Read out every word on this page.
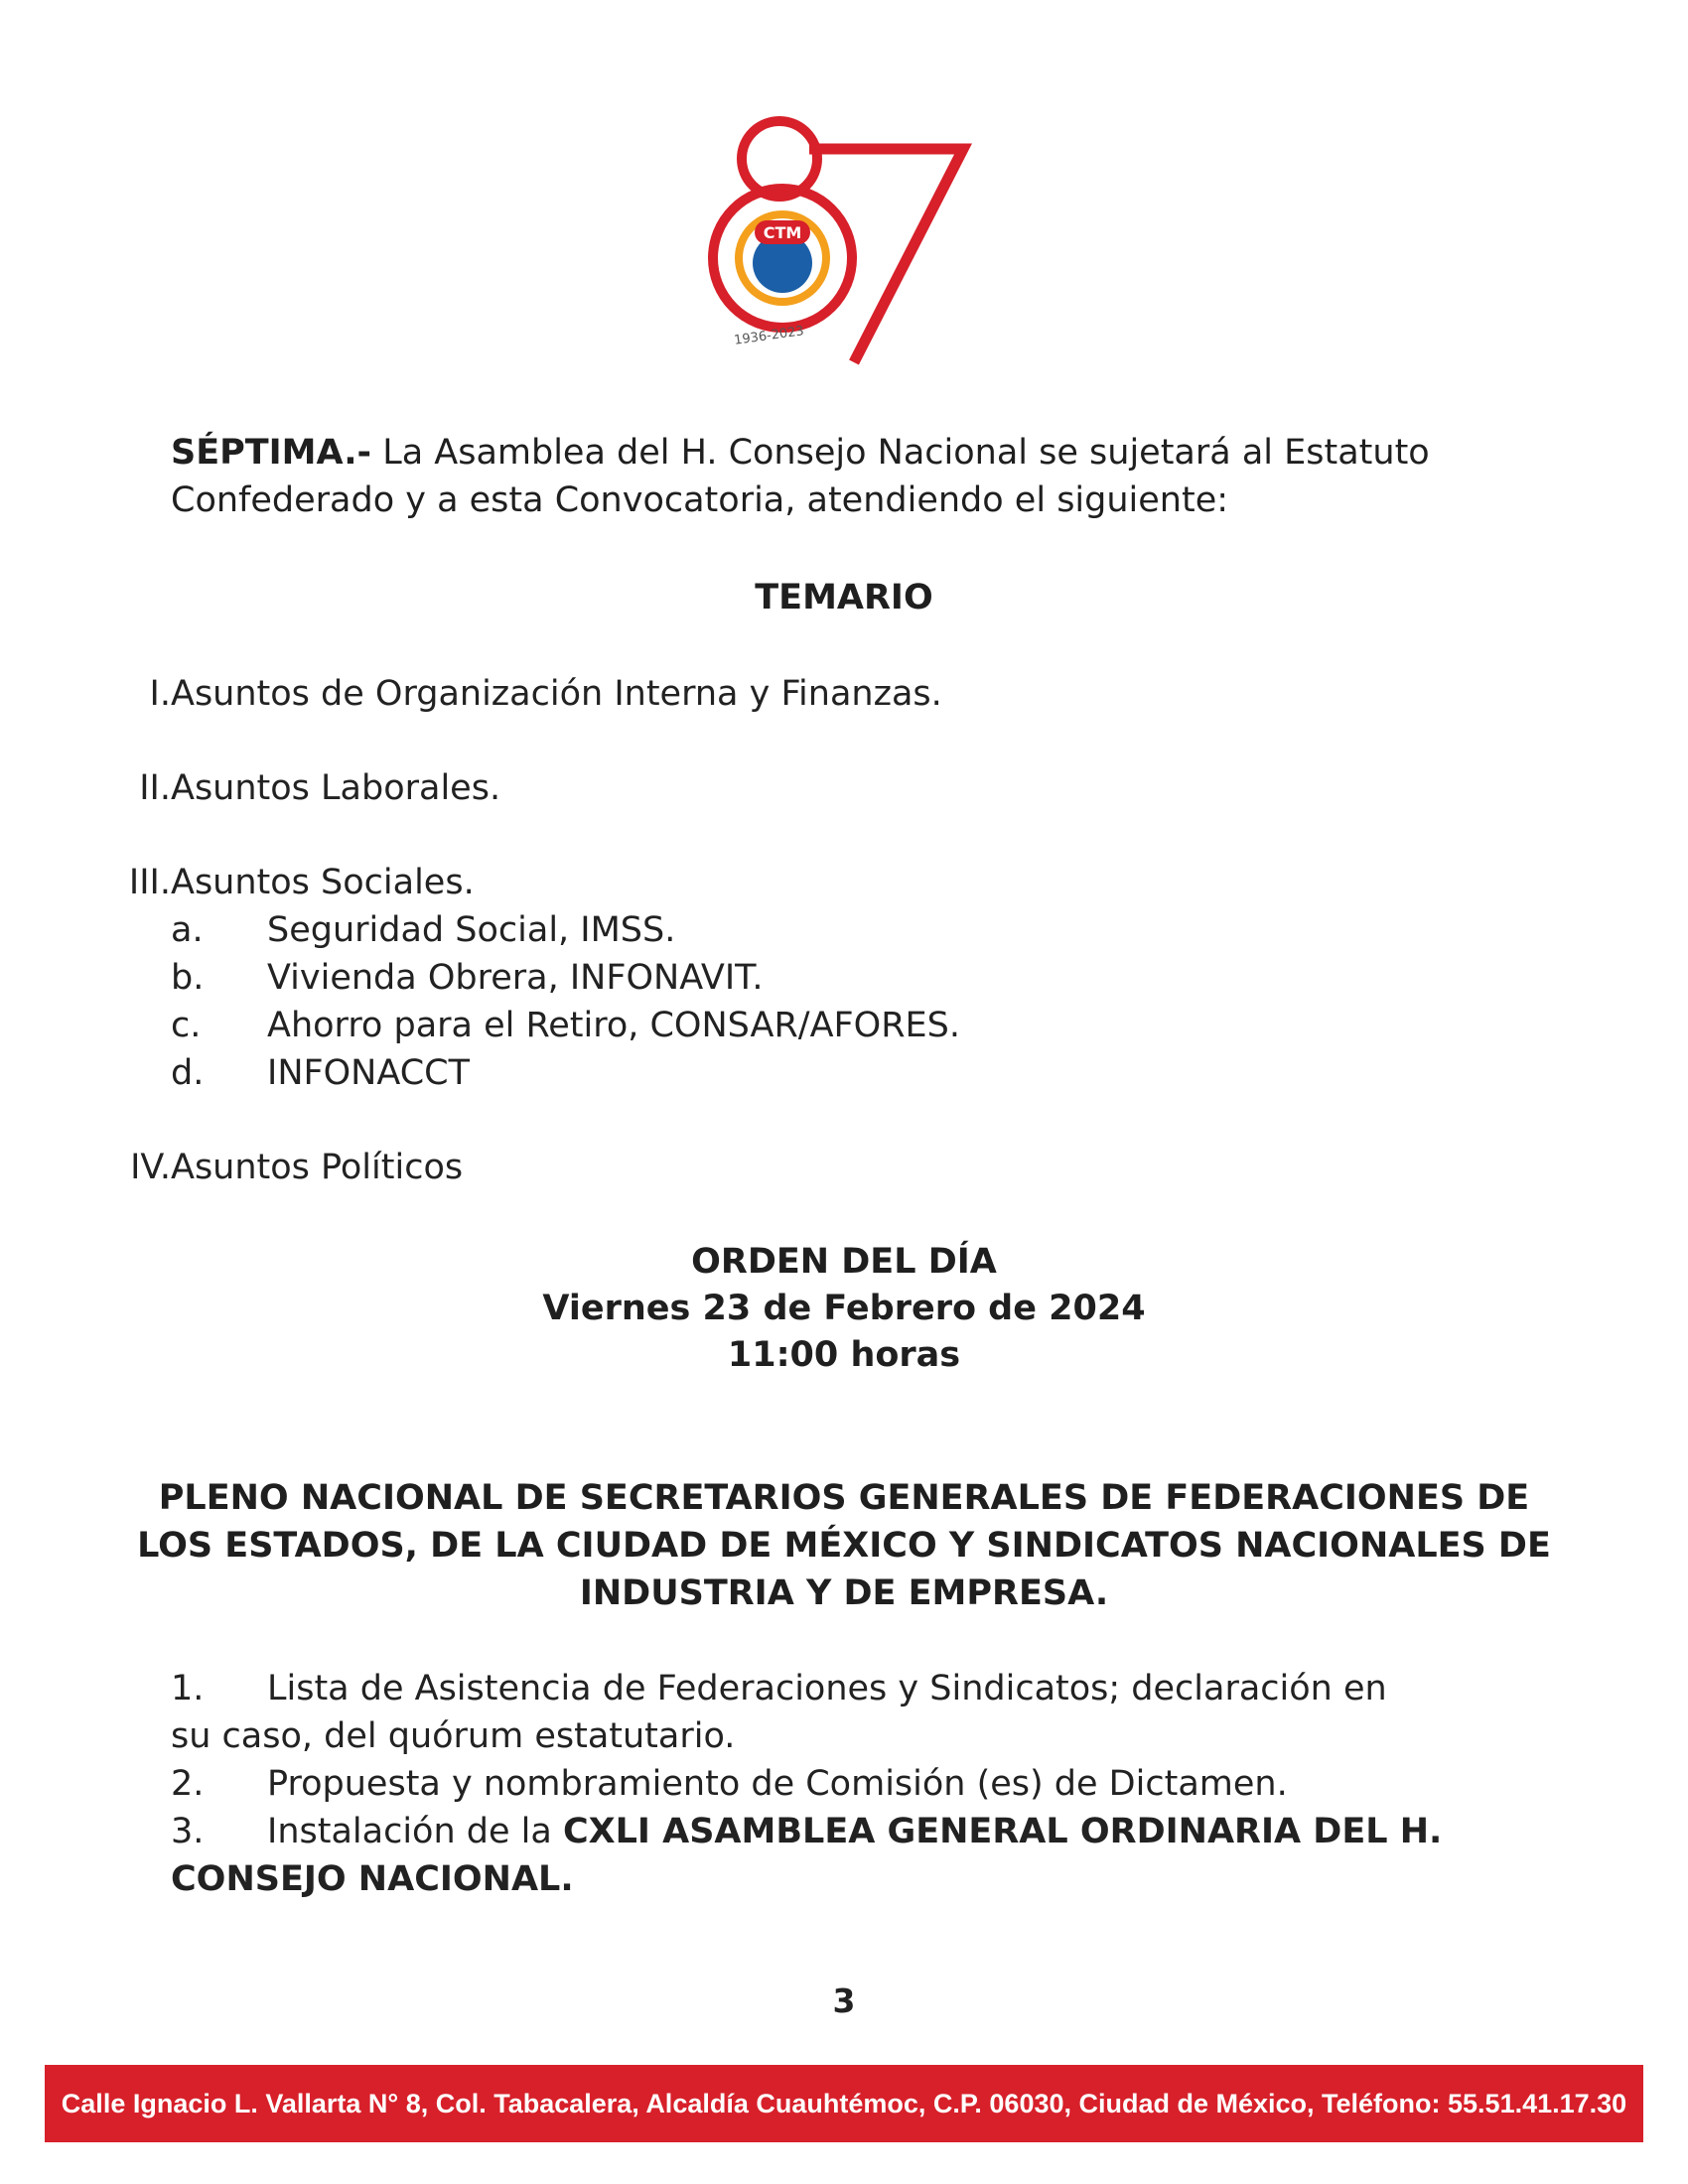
CTM
1936-2023
SÉPTIMA.- La Asamblea del H. Consejo Nacional se sujetará al Estatuto
Confederado y a esta Convocatoria, atendiendo el siguiente:
TEMARIO
I.Asuntos de Organización Interna y Finanzas.
II.Asuntos Laborales.
III.Asuntos Sociales.
a. Seguridad Social, IMSS.
b. Vivienda Obrera, INFONAVIT.
c. Ahorro para el Retiro, CONSAR/AFORES.
d. INFONACCT
IV.Asuntos Políticos
ORDEN DEL DÍA
Viernes 23 de Febrero de 2024
11:00 horas
PLENO NACIONAL DE SECRETARIOS GENERALES DE FEDERACIONES DE
LOS ESTADOS, DE LA CIUDAD DE MÉXICO Y SINDICATOS NACIONALES DE
INDUSTRIA Y DE EMPRESA.
1. Lista de Asistencia de Federaciones y Sindicatos; declaración en
su caso, del quórum estatutario.
2. Propuesta y nombramiento de Comisión (es) de Dictamen.
3. Instalación de la CXLI ASAMBLEA GENERAL ORDINARIA DEL H.
CONSEJO NACIONAL.
3
Calle Ignacio L. Vallarta N° 8, Col. Tabacalera, Alcaldía Cuauhtémoc, C.P. 06030, Ciudad de México, Teléfono: 55.51.41.17.30
